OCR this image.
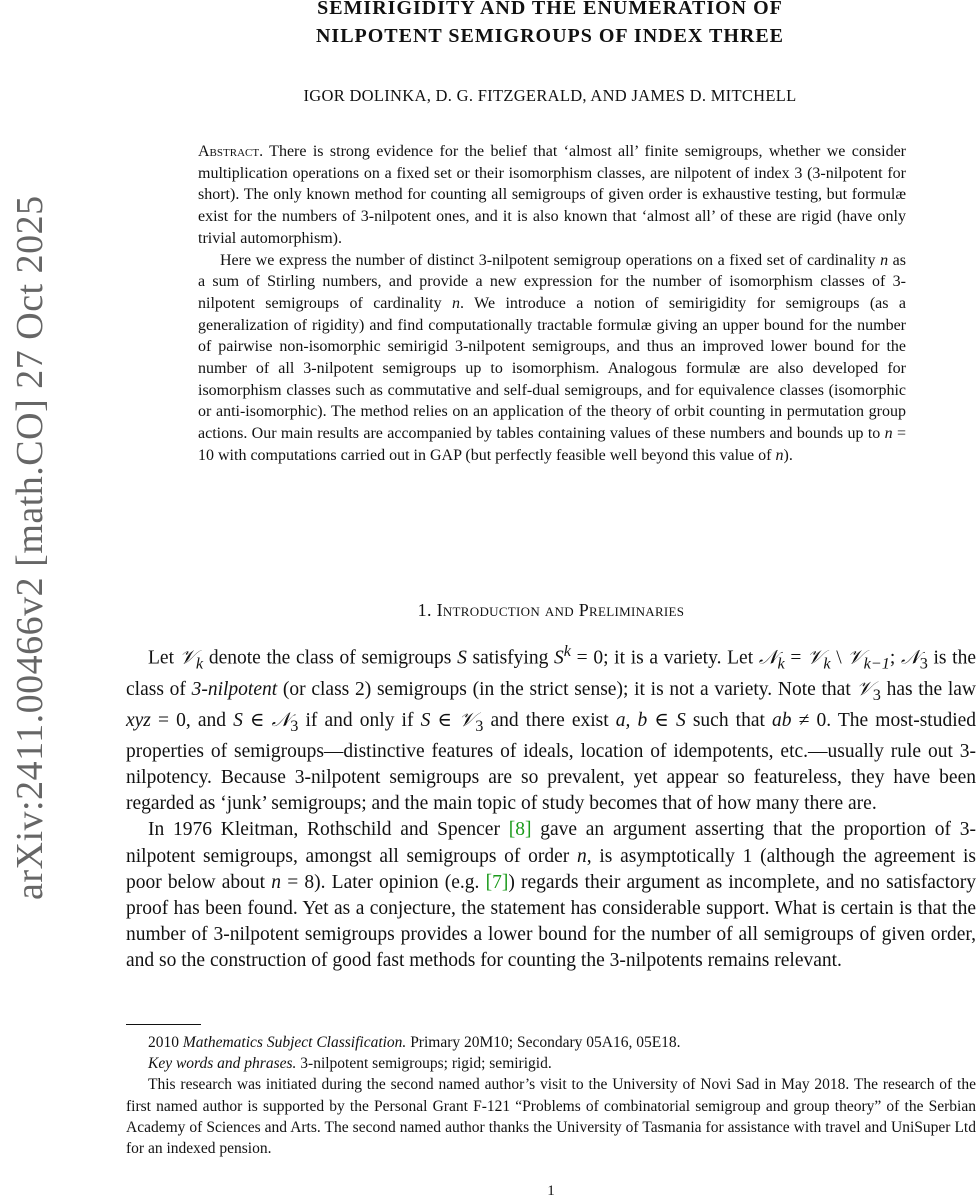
arXiv:2411.00466v2 [math.CO] 27 Oct 2025
SEMIRIGIDITY AND THE ENUMERATION OF
NILPOTENT SEMIGROUPS OF INDEX THREE
IGOR DOLINKA, D. G. FITZGERALD, AND JAMES D. MITCHELL

Abstract. There is strong evidence for the belief that ‘almost all’ finite semigroups, whether we consider multiplication operations on a fixed set or their isomorphism classes, are nilpotent of index 3 (3-nilpotent for short). The only known method for counting all semigroups of given order is exhaustive testing, but formulæ exist for the numbers of 3-nilpotent ones, and it is also known that ‘almost all’ of these are rigid (have only trivial automorphism).

Here we express the number of distinct 3-nilpotent semigroup operations on a fixed set of cardinality n as a sum of Stirling numbers, and provide a new expression for the number of isomorphism classes of 3-nilpotent semigroups of cardinality n. We introduce a notion of semirigidity for semigroups (as a generalization of rigidity) and find computationally tractable formulæ giving an upper bound for the number of pairwise non-isomorphic semirigid 3-nilpotent semigroups, and thus an improved lower bound for the number of all 3-nilpotent semigroups up to isomorphism. Analogous formulæ are also developed for isomorphism classes such as commutative and self-dual semigroups, and for equivalence classes (isomorphic or anti-isomorphic). The method relies on an application of the theory of orbit counting in permutation group actions. Our main results are accompanied by tables containing values of these numbers and bounds up to n = 10 with computations carried out in GAP (but perfectly feasible well beyond this value of n).

1. Introduction and Preliminaries

Let 𝒱$_k$ denote the class of semigroups S satisfying $S^k = 0$; it is a variety. Let 𝒩$_k$ = 𝒱$_k$ \ 𝒱$_{k-1}$; 𝒩$_3$ is the class of 3-nilpotent (or class 2) semigroups (in the strict sense); it is not a variety. Note that 𝒱$_3$ has the law xyz = 0, and S ∈ 𝒩$_3$ if and only if S ∈ 𝒱$_3$ and there exist a, b ∈ S such that ab ≠ 0. The most-studied properties of semigroups—distinctive features of ideals, location of idempotents, etc.—usually rule out 3-nilpotency. Because 3-nilpotent semigroups are so prevalent, yet appear so featureless, they have been regarded as ‘junk’ semigroups; and the main topic of study becomes that of how many there are.

In 1976 Kleitman, Rothschild and Spencer [8] gave an argument asserting that the proportion of 3-nilpotent semigroups, amongst all semigroups of order n, is asymptotically 1 (although the agreement is poor below about n = 8). Later opinion (e.g. [7]) regards their argument as incomplete, and no satisfactory proof has been found. Yet as a conjecture, the statement has considerable support. What is certain is that the number of 3-nilpotent semigroups provides a lower bound for the number of all semigroups of given order, and so the construction of good fast methods for counting the 3-nilpotents remains relevant.

2010 Mathematics Subject Classification. Primary 20M10; Secondary 05A16, 05E18.

Key words and phrases. 3-nilpotent semigroups; rigid; semirigid.

This research was initiated during the second named author’s visit to the University of Novi Sad in May 2018. The research of the first named author is supported by the Personal Grant F-121 “Problems of combinatorial semigroup and group theory” of the Serbian Academy of Sciences and Arts. The second named author thanks the University of Tasmania for assistance with travel and UniSuper Ltd for an indexed pension.

1
